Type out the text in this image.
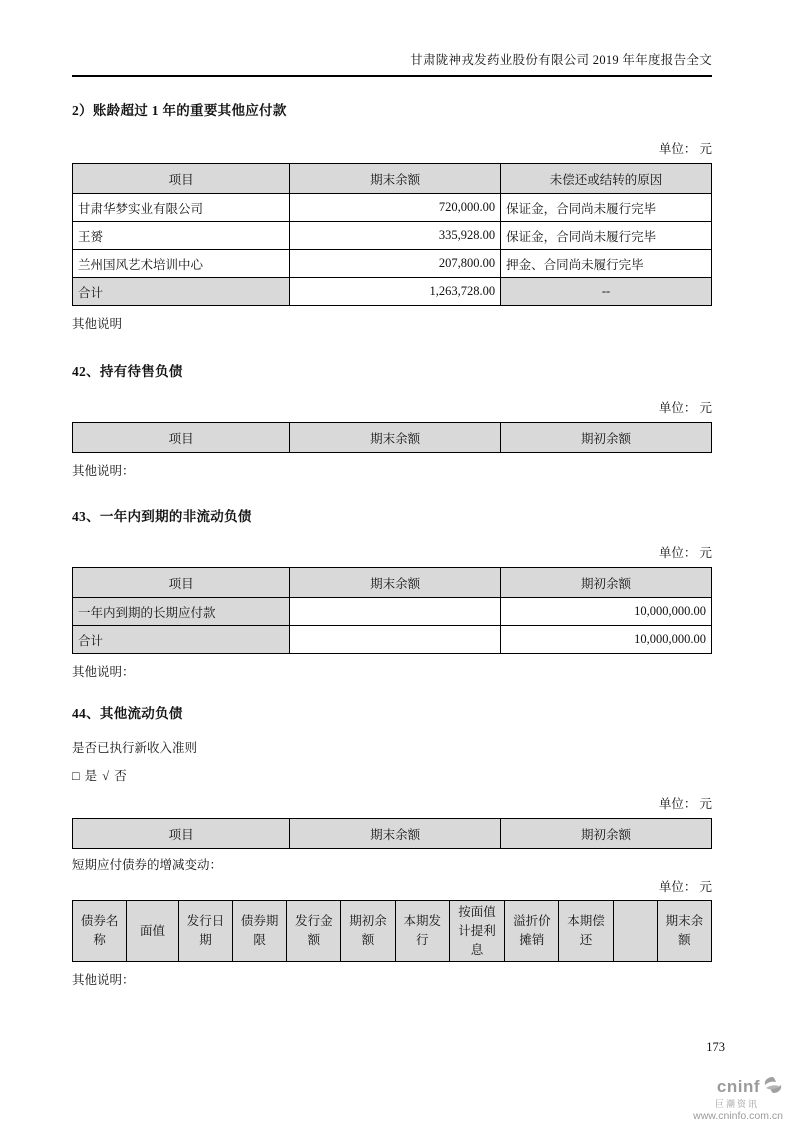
甘肃陇神戎发药业股份有限公司 2019 年年度报告全文
2）账龄超过 1 年的重要其他应付款
单位： 元
项目	期末余额	未偿还或结转的原因
甘肃华梦实业有限公司	720,000.00	保证金，合同尚未履行完毕
王赟	335,928.00	保证金，合同尚未履行完毕
兰州国风艺术培训中心	207,800.00	押金、合同尚未履行完毕
合计	1,263,728.00	--
其他说明
42、持有待售负债
单位： 元
项目	期末余额	期初余额
其他说明：
43、一年内到期的非流动负债
单位： 元
项目	期末余额	期初余额
一年内到期的长期应付款		10,000,000.00
合计		10,000,000.00
其他说明：
44、其他流动负债
是否已执行新收入准则
□ 是 √ 否
单位： 元
项目	期末余额	期初余额
短期应付债券的增减变动：
单位： 元
债券名称	面值	发行日期	债券期限	发行金额	期初余额	本期发行	按面值计提利息	溢折价摊销	本期偿还		期末余额
其他说明：
173
cninf
巨潮资讯
www.cninfo.com.cn
